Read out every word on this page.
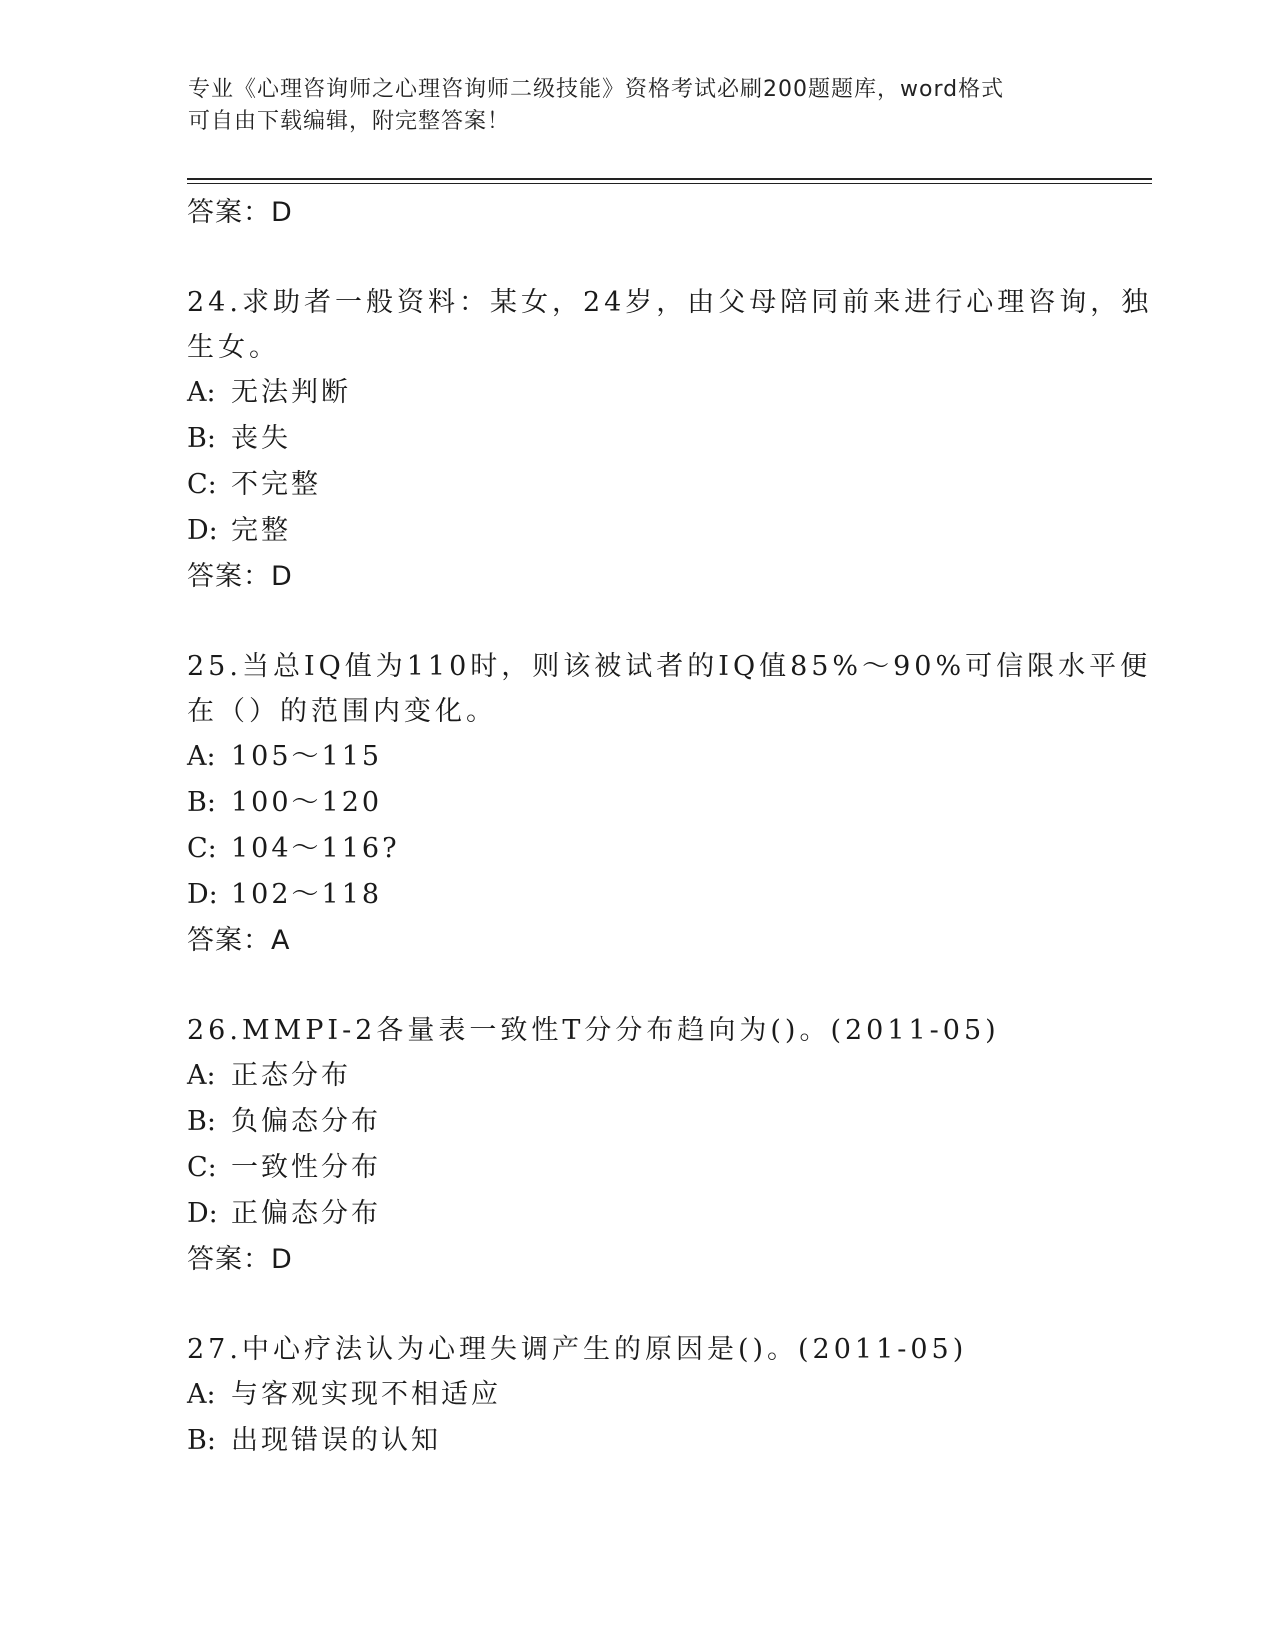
专业《心理咨询师之心理咨询师二级技能》资格考试必刷200题题库，word格式
可自由下载编辑，附完整答案！
答案：D
24.求助者一般资料：某女，24岁，由父母陪同前来进行心理咨询，独
生女。
A: 无法判断
B: 丧失
C: 不完整
D: 完整
答案：D
25.当总IQ值为110时，则该被试者的IQ值85%～90%可信限水平便
在（）的范围内变化。
A: 105～115
B: 100～120
C: 104～116?
D: 102～118
答案：A
26.MMPI-2各量表一致性T分分布趋向为()。(2011-05)
A: 正态分布
B: 负偏态分布
C: 一致性分布
D: 正偏态分布
答案：D
27.中心疗法认为心理失调产生的原因是()。(2011-05)
A: 与客观实现不相适应
B: 出现错误的认知
